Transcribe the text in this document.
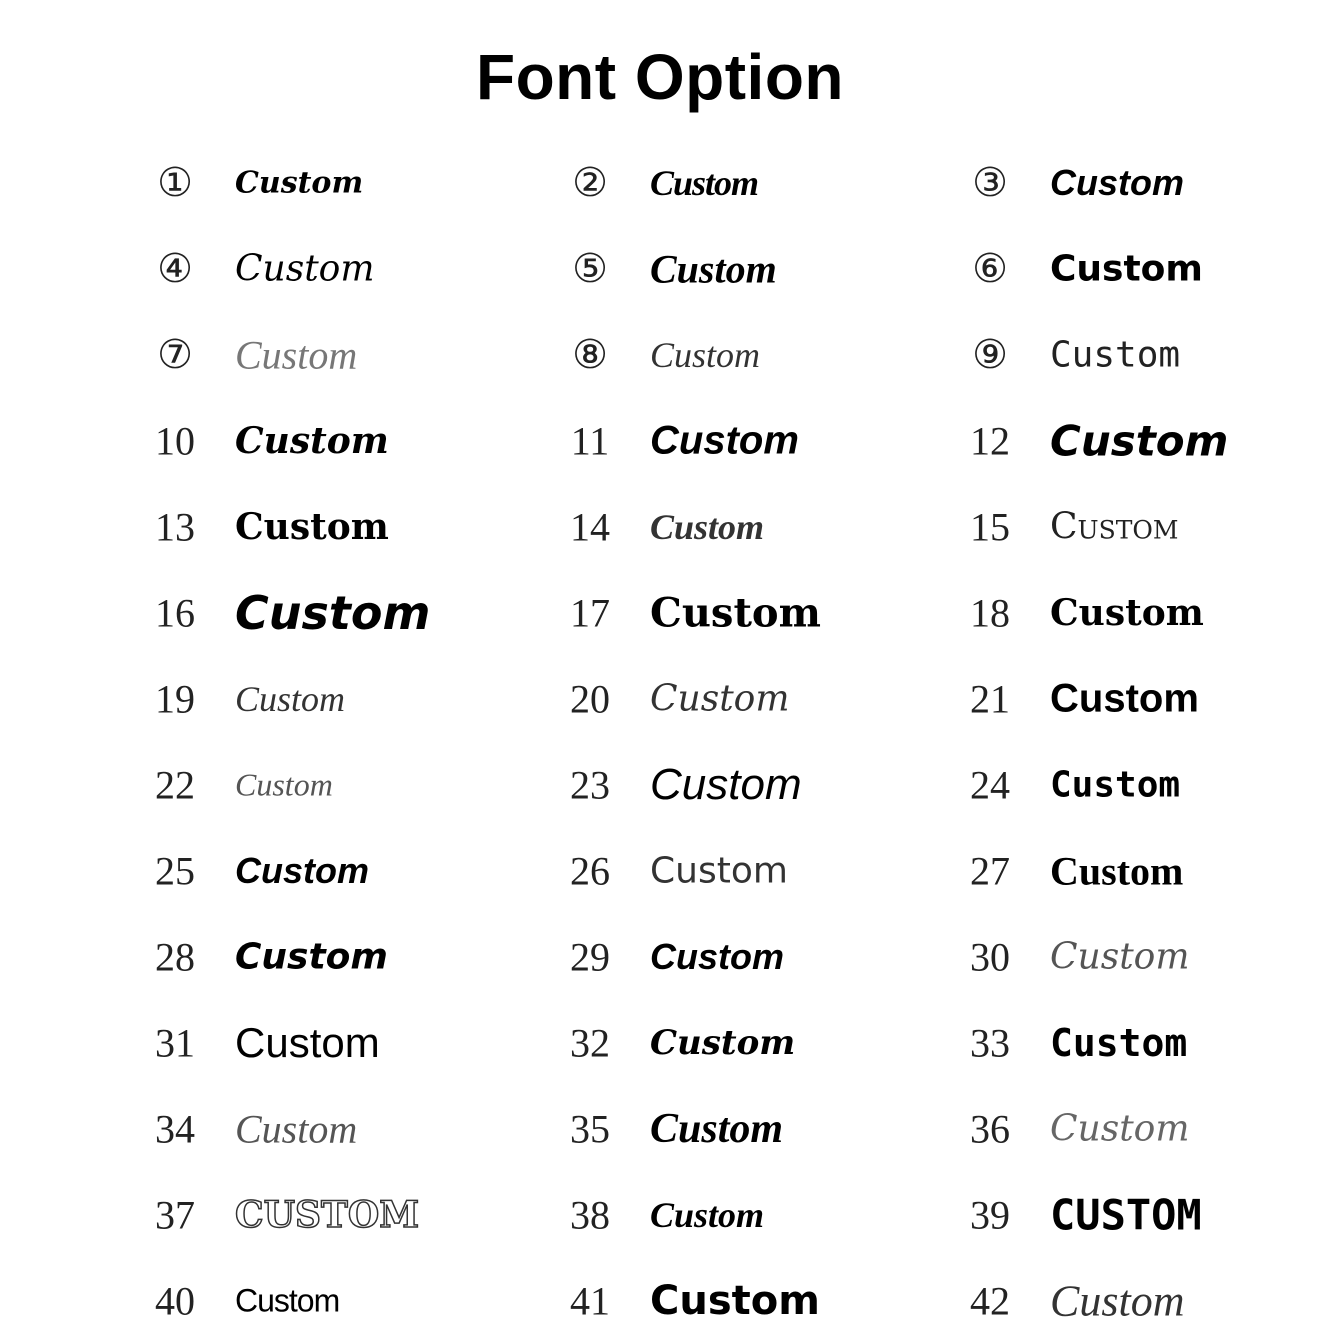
Font Option
①	Custom	②	Custom	③	Custom
④	Custom	⑤	Custom	⑥	Custom
⑦	Custom	⑧	Custom	⑨	Custom
10	Custom	11	Custom	12 Custom
13	Custom	14	Custom	15	Custom
16 Custom	17	Custom	18	Custom
19	Custom	20	Custom	21	Custom
22	Custom	23 Custom	24	Custom
25	Custom	26	Custom	27	Custom
28	Custom	29	Custom	30	Custom
31 Custom	32	Custom	33	Custom
34	Custom	35 Custom	36	Custom
37	CUSTOM	38	Custom	39 CUSTOM
40	Custom	41	Custom	42 Custom
